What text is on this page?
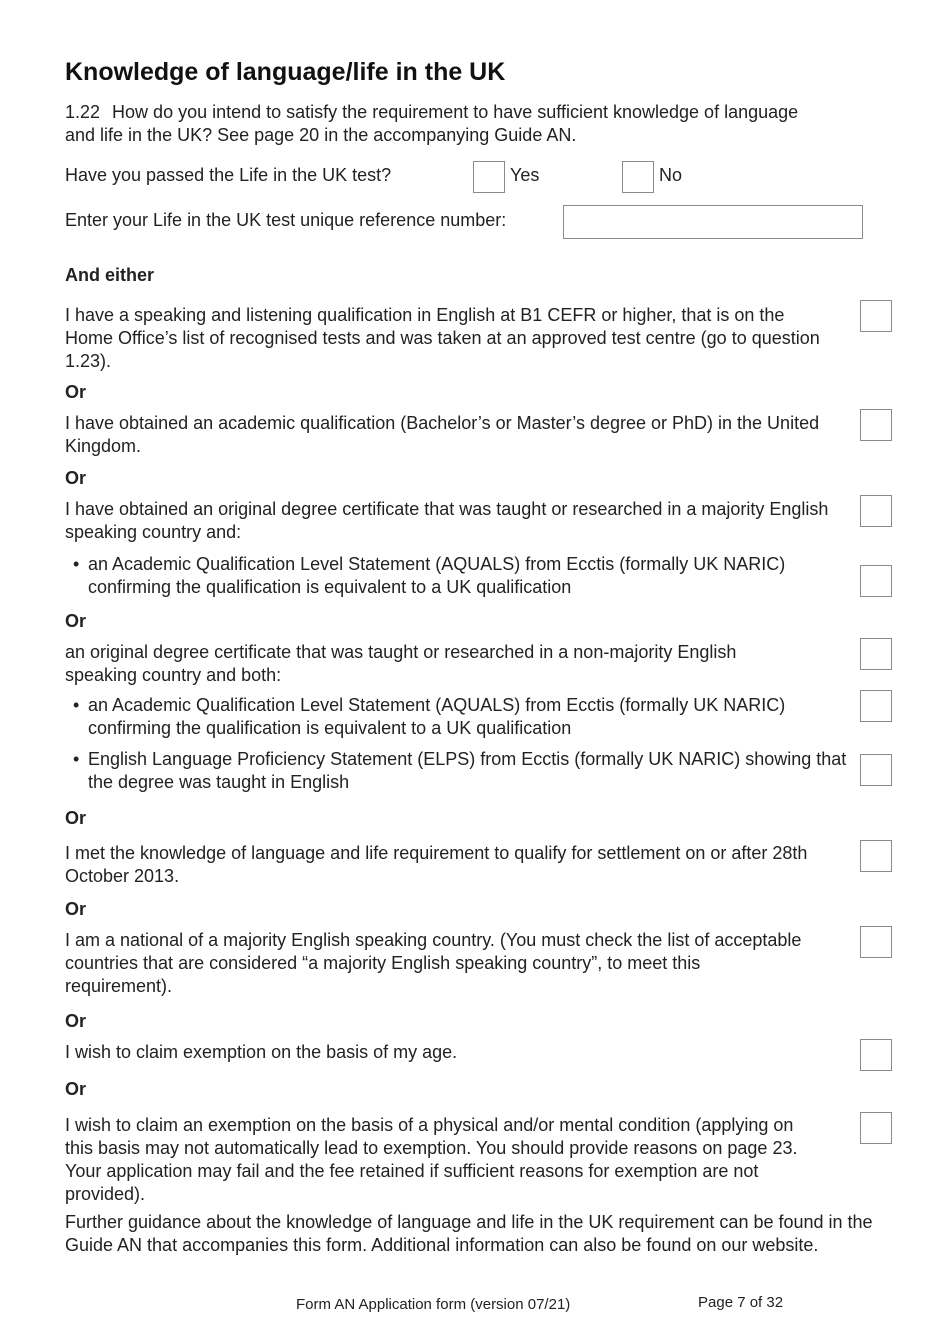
Knowledge of language/life in the UK
1.22 How do you intend to satisfy the requirement to have sufficient knowledge of language
and life in the UK? See page 20 in the accompanying Guide AN.
Have you passed the Life in the UK test?	Yes	No
Enter your Life in the UK test unique reference number:
And either
I have a speaking and listening qualification in English at B1 CEFR or higher, that is on the Home Office’s list of recognised tests and was taken at an approved test centre (go to question 1.23).
Or
I have obtained an academic qualification (Bachelor’s or Master’s degree or PhD) in the United Kingdom.
Or
I have obtained an original degree certificate that was taught or researched in a majority English speaking country and:
• an Academic Qualification Level Statement (AQUALS) from Ecctis (formally UK NARIC) confirming the qualification is equivalent to a UK qualification
Or
an original degree certificate that was taught or researched in a non-majority English speaking country and both:
• an Academic Qualification Level Statement (AQUALS) from Ecctis (formally UK NARIC) confirming the qualification is equivalent to a UK qualification
• English Language Proficiency Statement (ELPS) from Ecctis (formally UK NARIC) showing that the degree was taught in English
Or
I met the knowledge of language and life requirement to qualify for settlement on or after 28th October 2013.
Or
I am a national of a majority English speaking country. (You must check the list of acceptable countries that are considered “a majority English speaking country”, to meet this requirement).
Or
I wish to claim exemption on the basis of my age.
Or
I wish to claim an exemption on the basis of a physical and/or mental condition (applying on this basis may not automatically lead to exemption. You should provide reasons on page 23. Your application may fail and the fee retained if sufficient reasons for exemption are not provided).
Further guidance about the knowledge of language and life in the UK requirement can be found in the Guide AN that accompanies this form. Additional information can also be found on our website.
Form AN Application form (version 07/21)	Page 7 of 32
